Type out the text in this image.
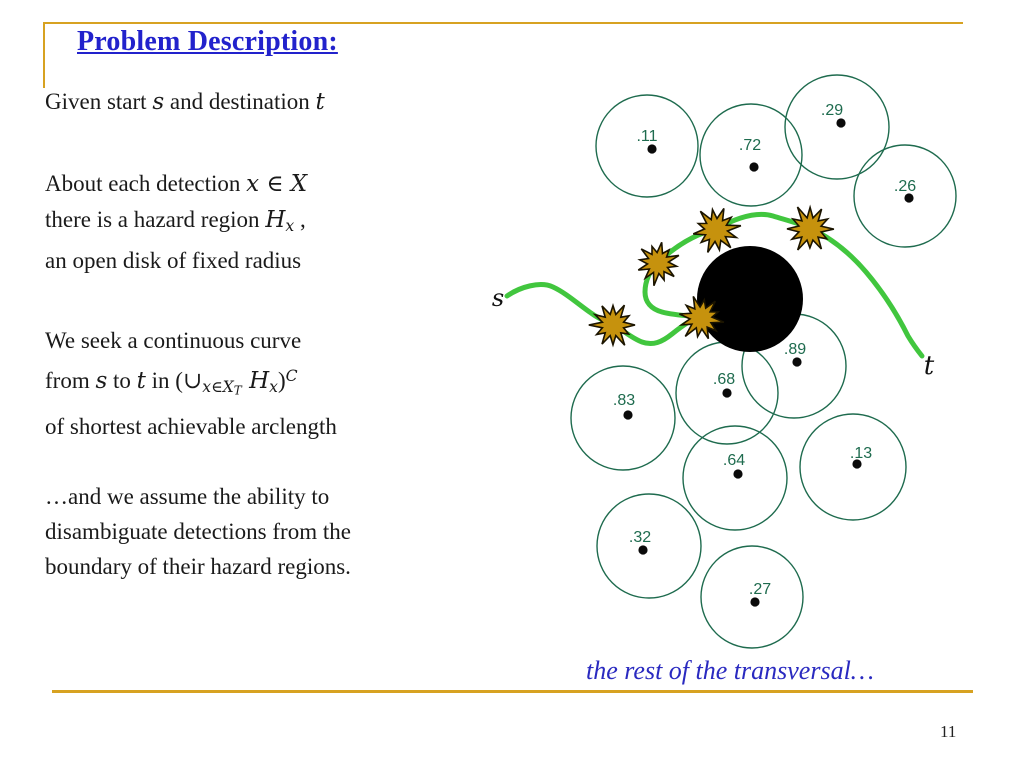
Problem Description:
Given start s and destination t
About each detection x ∈ X
there is a hazard region Hx ,
an open disk of fixed radius
We seek a continuous curve
from s to t in ($\cup x\in X_T$ Hx)$^C$
of shortest achievable arclength
…and we assume the ability to
disambiguate detections from the
boundary of their hazard regions.
.11
.72
.29
.26
.89
.68
.83
.64	.13
.32
.27
s
t
the rest of the transversal…
11
